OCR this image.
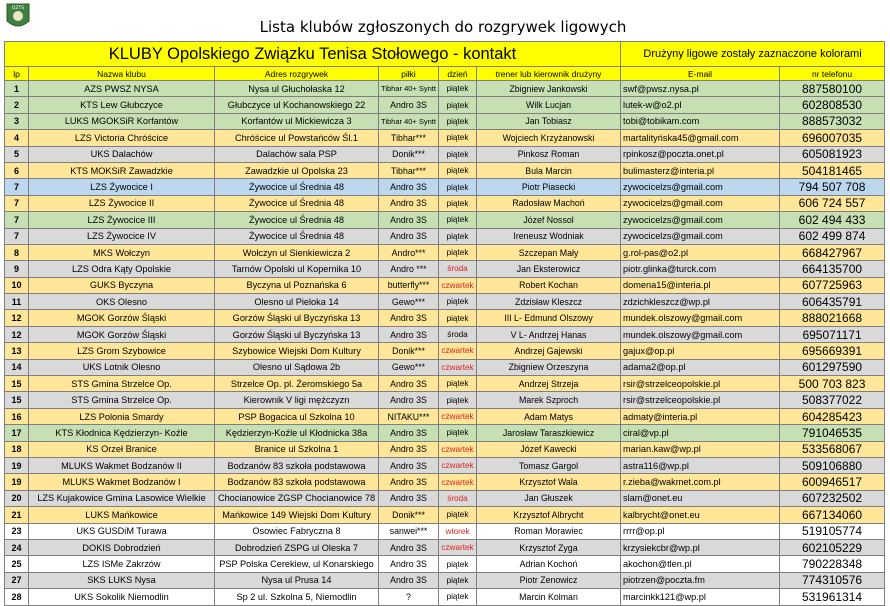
OZTS
Lista klubów zgłoszonych do rozgrywek ligowych
KLUBY Opolskiego Związku Tenisa Stołowego - kontakt						Drużyny ligowe zostały zaznaczone kolorami	
lp	Nazwa klubu	Adres rozgrywek	piłki	dzień	trener lub kierownik drużyny	E-mail	nr telefonu
1	AZS PWSZ NYSA	Nysa ul Głuchołaska 12	Tibhar 40+ Syntt	piątek	Zbigniew Jankowski	swf@pwsz.nysa.pl	887580100
2	KTS Lew Głubczyce	Głubczyce ul Kochanowskiego 22	Andro 3S	piątek	Wilk Lucjan	lutek-w@o2.pl	602808530
3	LUKS MGOKSiR Korfantów	Korfantów ul Mickiewicza 3	Tibhar 40+ Syntt	piątek	Jan Tobiasz	tobi@tobikam.com	888573032
4	LZS Victoria Chróścice	Chróścice ul Powstańców Śl.1	Tibhar***	piątek	Wojciech Krzyżanowski	martalityńska45@gmail.com	696007035
5	UKS Dalachów	Dalachów sala PSP	Donik***	piątek	Pinkosz Roman	rpinkosz@poczta.onet.pl	605081923
6	KTS MOKSiR Zawadzkie	Zawadzkie ul Opolska 23	Tibhar***	piątek	Bula Marcin	bulimasterz@interia.pl	504181465
7	LZS Żywocice I	Żywocice ul Średnia 48	Andro 3S	piątek	Piotr Piasecki	zywocicelzs@gmail.com	794 507 708
7	LZS Żywocice II	Żywocice ul Średnia 48	Andro 3S	piątek	Radosław Machoń	zywocicelzs@gmail.com	606 724 557
7	LZS Żywocice III	Żywocice ul Średnia 48	Andro 3S	piątek	Józef Nossol	zywocicelzs@gmail.com	602 494 433
7	LZS Żywocice IV	Żywocice ul Średnia 48	Andro 3S	piątek	Ireneusz Wodniak	zywocicelzs@gmail.com	602 499 874
8	MKS Wołczyn	Wołczyn ul Sienkiewicza 2	Andro***	piątek	Szczepan Mały	g.rol-pas@o2.pl	668427967
9	LZS Odra Kąty Opolskie	Tarnów Opolski ul Kopernika 10	Andro ***	środa	Jan Eksterowicz	piotr.glinka@turck.com	664135700
10	GUKS Byczyna	Byczyna ul Poznańska 6	butterfly***	czwartek	Robert Kochan	domena15@interia.pl	607725963
11	OKS Olesno	Olesno ul Pieloka 14	Gewo***	piątek	Zdzisław Kleszcz	zdzichkleszcz@wp.pl	606435791
12	MGOK Gorzów Śląski	Gorzów Śląski ul Byczyńska 13	Andro 3S	piątek	III L- Edmund Olszowy	mundek.olszowy@gmail.com	888021668
12	MGOK Gorzów Śląski	Gorzów Śląski ul Byczyńska 13	Andro 3S	środa	V L- Andrzej Hanas	mundek.olszowy@gmail.com	695071171
13	LZS Grom Szybowice	Szybowice Wiejski Dom Kultury	Donik***	czwartek	Andrzej Gajewski	gajux@op.pl	695669391
14	UKS Lotnik Olesno	Olesno ul Sądowa 2b	Gewo***	czwartek	Zbigniew Orzeszyna	adama2@op.pl	601297590
15	STS Gmina Strzelce Op.	Strzelce Op. pl. Żeromskiego 5a	Andro 3S	piątek	Andrzej Strzeja	rsir@strzelceopolskie.pl	500 703 823
15	STS Gmina Strzelce Op.	Kierownik V ligi mężczyzn	Andro 3S	piątek	Marek Szproch	rsir@strzelceopolskie.pl	508377022
16	LZS Polonia Smardy	PSP Bogacica ul Szkolna 10	NITAKU***	czwartek	Adam Matys	admaty@interia.pl	604285423
17	KTS Kłodnica Kędzierzyn- Koźle	Kędzierzyn-Koźle ul Kłodnicka 38a	Andro 3S	piątek	Jarosław Taraszkiewicz	ciral@vp.pl	791046535
18	KS Orzeł Branice	Branice ul Szkolna 1	Andro 3S	czwartek	Józef Kawecki	marian.kaw@wp.pl	533568067
19	MLUKS Wakmet Bodzanów II	Bodzanów 83 szkoła podstawowa	Andro 3S	czwartek	Tomasz Gargol	astra116@wp.pl	509106880
19	MLUKS Wakmet Bodzanów I	Bodzanów 83 szkoła podstawowa	Andro 3S	czwartek	Krzysztof Wala	r.zieba@wakmet.com.pl	600946517
20	LZS Kujakowice Gmina Lasowice Wielkie	Chocianowice ZGSP Chocianowice 78	Andro 3S	środa	Jan Głuszek	slam@onet.eu	607232502
21	LUKS Mańkowice	Mańkowice 149 Wiejski Dom Kultury	Donik***	piątek	Krzysztof Albrycht	kalbrycht@onet.eu	667134060
23	UKS GUSDiM Turawa	Osowiec Fabryczna 8	sanwei***	wtorek	Roman Morawiec	rrrr@op.pl	519105774
24	DOKIS Dobrodzień	Dobrodzień ZSPG ul Oleska 7	Andro 3S	czwartek	Krzysztof Zyga	krzysiekcbr@wp.pl	602105229
25	LZS ISMe Zakrzów	PSP Polska Cerekiew, ul Konarskiego	Andro 3S	piątek	Adrian Kochoń	akochon@tlen.pl	790228348
27	SKS LUKS Nysa	Nysa ul Prusa 14	Andro 3S	piątek	Piotr Zenowicz	piotrzen@poczta.fm	774310576
28	UKS Sokolik Niemodlin	Sp 2 ul. Szkolna 5, Niemodlin	?	piątek	Marcin Kolman	marcinkk121@wp.pl	531961314
